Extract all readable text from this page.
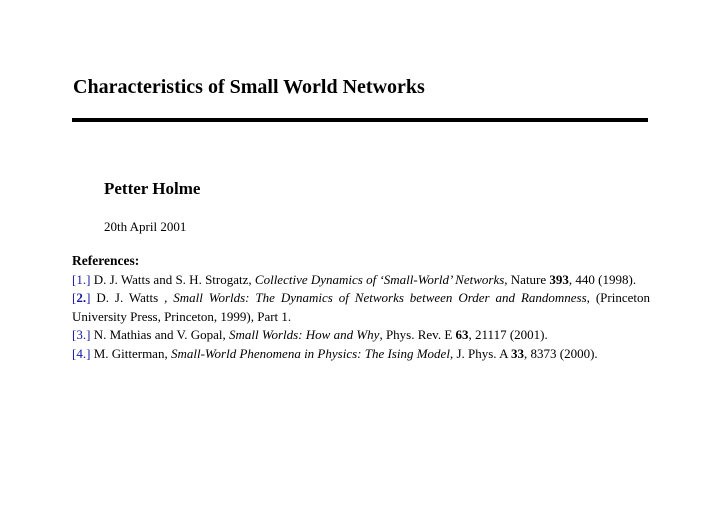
Characteristics of Small World Networks
Petter Holme
20th April 2001
References:
[1.] D. J. Watts and S. H. Strogatz, Collective Dynamics of ‘Small-World’ Networks, Nature 393, 440 (1998).
[2.] D. J. Watts , Small Worlds: The Dynamics of Networks between Order and Randomness, (Princeton University Press, Princeton, 1999), Part 1.
[3.] N. Mathias and V. Gopal, Small Worlds: How and Why, Phys. Rev. E 63, 21117 (2001).
[4.] M. Gitterman, Small-World Phenomena in Physics: The Ising Model, J. Phys. A 33, 8373 (2000).
